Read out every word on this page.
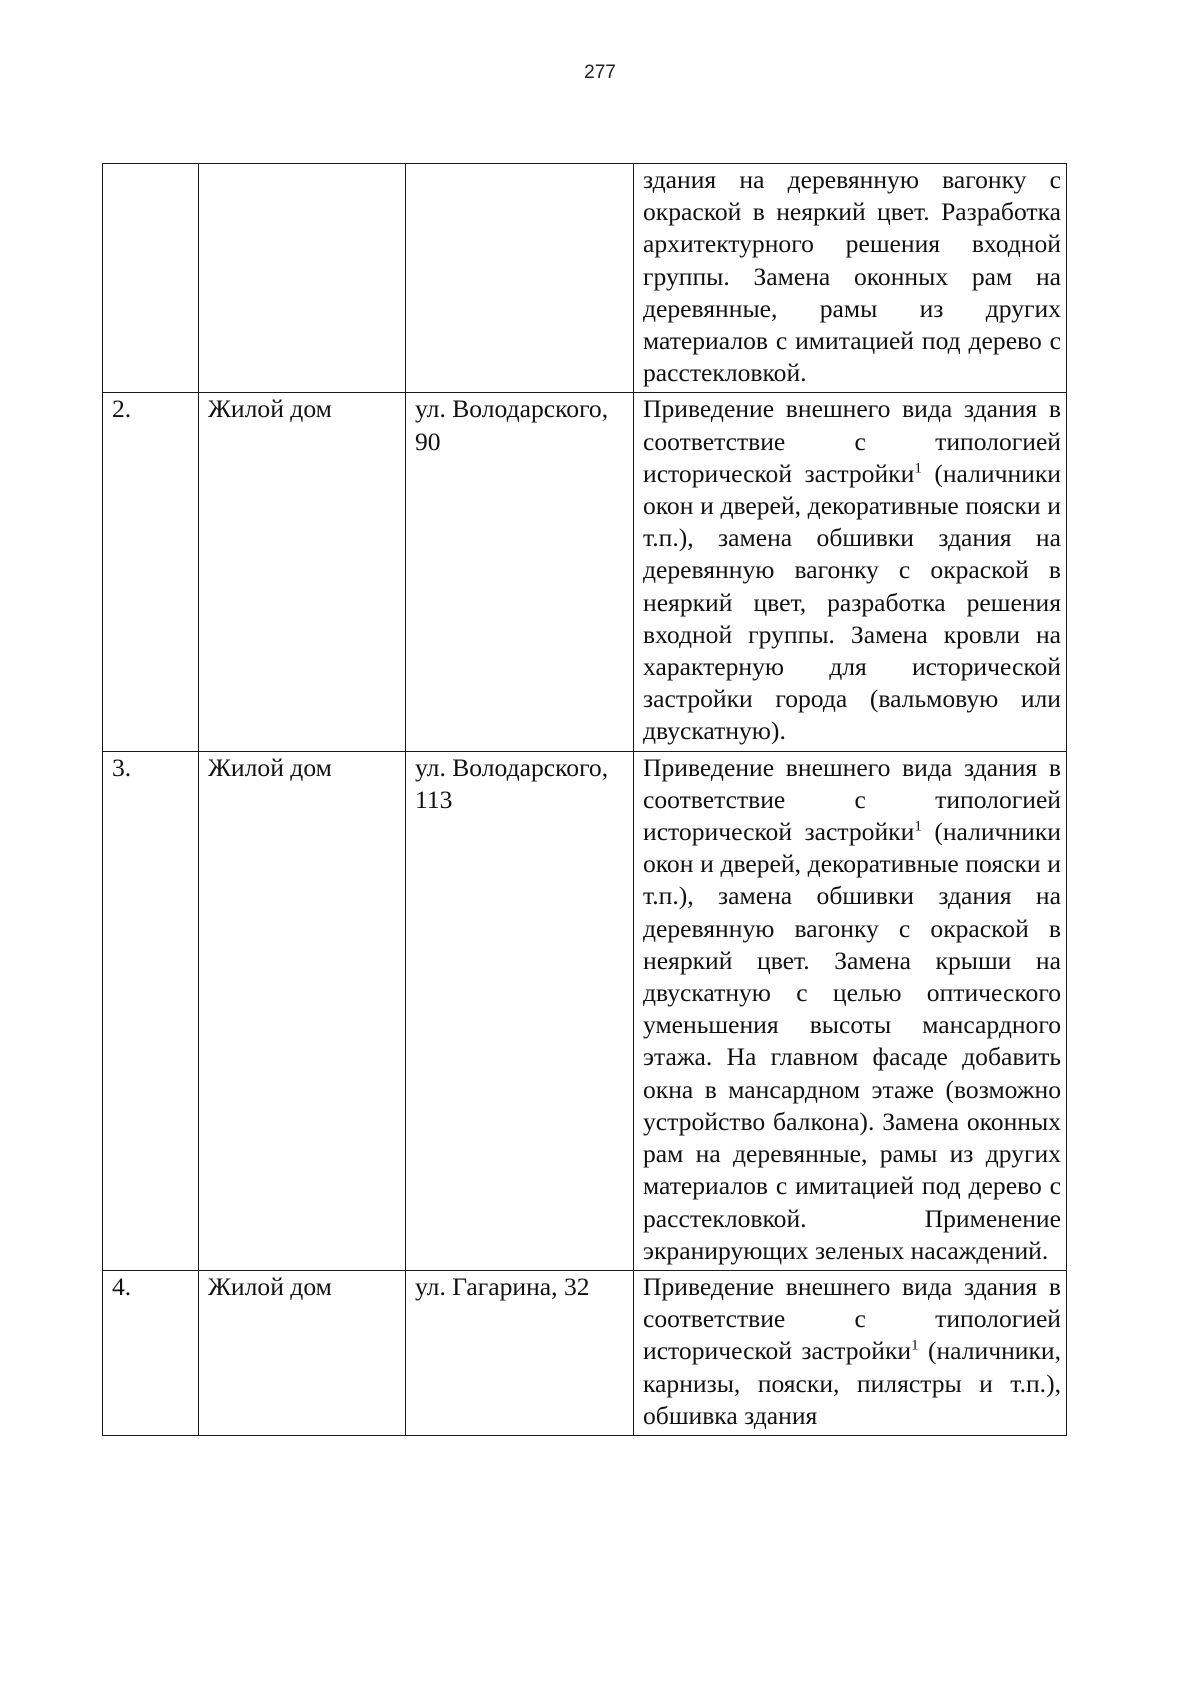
277
			здания на деревянную вагонку с окраской в неяркий цвет. Разработка архитектурного решения входной группы. Замена оконных рам на деревянные, рамы из других материалов с имитацией под дерево с расстекловкой.
2.	Жилой дом	ул. Володарского, 90	Приведение внешнего вида здания в соответствие с типологией исторической застройки$^1$ (наличники окон и дверей, декоративные пояски и т.п.), замена обшивки здания на деревянную вагонку с окраской в неяркий цвет, разработка решения входной группы. Замена кровли на характерную для исторической застройки города (вальмовую или двускатную).
3.	Жилой дом	ул. Володарского, 113	Приведение внешнего вида здания в соответствие с типологией исторической застройки$^1$ (наличники окон и дверей, декоративные пояски и т.п.), замена обшивки здания на деревянную вагонку с окраской в неяркий цвет. Замена крыши на двускатную с целью оптического уменьшения высоты мансардного этажа. На главном фасаде добавить окна в мансардном этаже (возможно устройство балкона). Замена оконных рам на деревянные, рамы из других материалов с имитацией под дерево с расстекловкой. Применение экранирующих зеленых насаждений.
4.	Жилой дом	ул. Гагарина, 32	Приведение внешнего вида здания в соответствие с типологией исторической застройки$^1$ (наличники, карнизы, пояски, пилястры и т.п.), обшивка здания
